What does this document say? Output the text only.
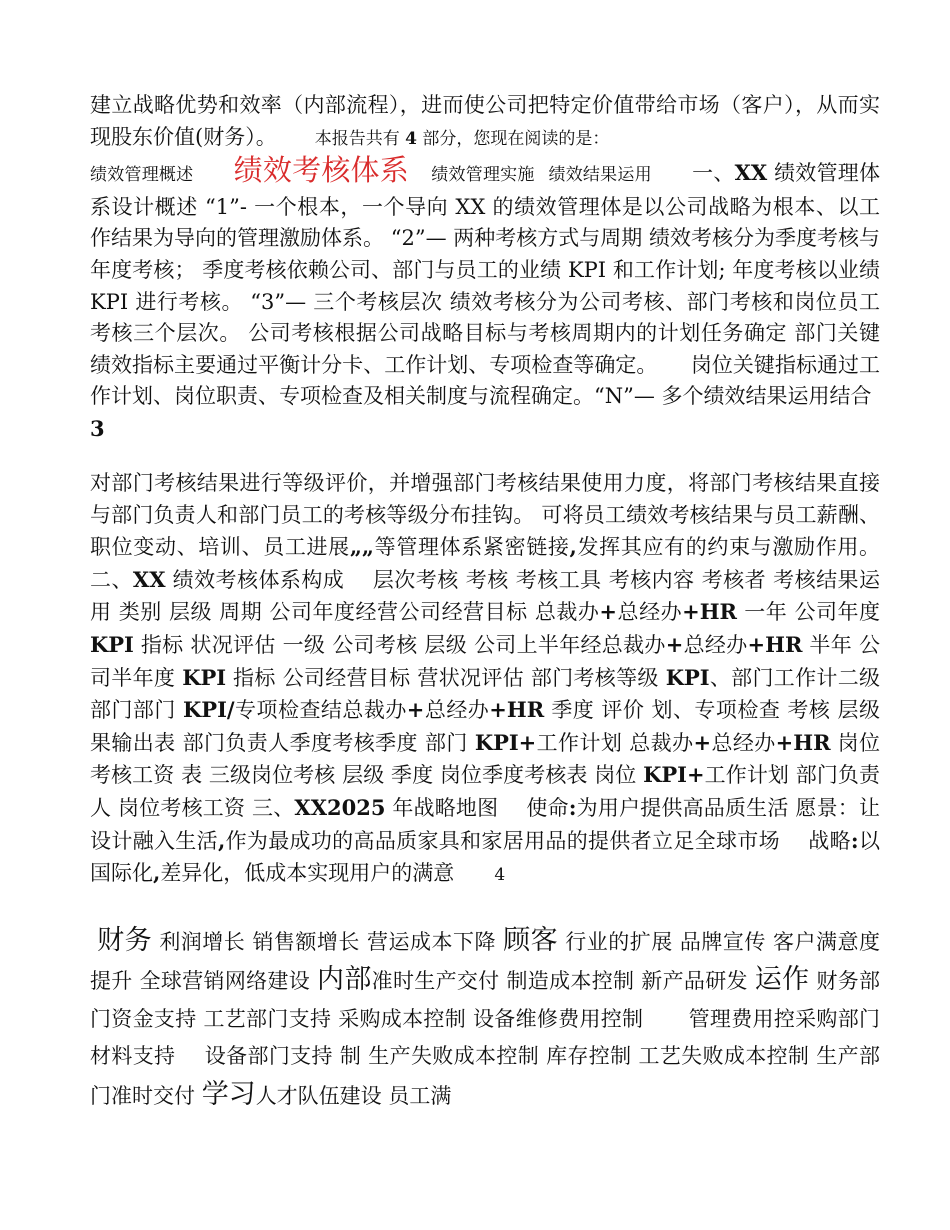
建立战略优势和效率（内部流程），进而使公司把特定价值带给市场（客户），从而实现股东价值(财务）。 本报告共有 4 部分，您现在阅读的是：
绩效管理概述 绩效考核体系 绩效管理实施 绩效结果运用 一、XX 绩效管理体系设计概述 “1”- 一个根本，一个导向 XX 的绩效管理体是以公司战略为根本、以工作结果为导向的管理激励体系。 “2”— 两种考核方式与周期 绩效考核分为季度考核与年度考核； 季度考核依赖公司、部门与员工的业绩 KPI 和工作计划; 年度考核以业绩 KPI 进行考核。 “3”— 三个考核层次 绩效考核分为公司考核、部门考核和岗位员工考核三个层次。 公司考核根据公司战略目标与考核周期内的计划任务确定 部门关键绩效指标主要通过平衡计分卡、工作计划、专项检查等确定。 岗位关键指标通过工作计划、岗位职责、专项检查及相关制度与流程确定。“N”— 多个绩效结果运用结合
3
对部门考核结果进行等级评价，并增强部门考核结果使用力度，将部门考核结果直接与部门负责人和部门员工的考核等级分布挂钩。 可将员工绩效考核结果与员工薪酬、职位变动、培训、员工进展„„等管理体系紧密链接,发挥其应有的约束与激励作用。 二、XX 绩效考核体系构成 　层次考核 考核 考核工具 考核内容 考核者 考核结果运用 类别 层级 周期 公司年度经营公司经营目标 总裁办+总经办+HR 一年 公司年度 KPI 指标 状况评估 一级 公司考核 层级 公司上半年经总裁办+总经办+HR 半年 公司半年度 KPI 指标 公司经营目标 营状况评估 部门考核等级 KPI、部门工作计二级 部门部门 KPI/专项检查结总裁办+总经办+HR 季度 评价 划、专项检查 考核 层级 果输出表 部门负责人季度考核季度 部门 KPI+工作计划 总裁办+总经办+HR 岗位考核工资 表 三级岗位考核 层级 季度 岗位季度考核表 岗位 KPI+工作计划 部门负责人 岗位考核工资 三、XX2025 年战略地图 　使命:为用户提供高品质生活 愿景：让设计融入生活,作为最成功的高品质家具和家居用品的提供者立足全球市场 　战略:以国际化,差异化，低成本实现用户的满意 4
财务 利润增长 销售额增长 营运成本下降 顾客 行业的扩展 品牌宣传 客户满意度提升 全球营销网络建设 内部准时生产交付 制造成本控制 新产品研发 运作 财务部门资金支持 工艺部门支持 采购成本控制 设备维修费用控制 管理费用控采购部门材料支持 设备部门支持 制 生产失败成本控制 库存控制 工艺失败成本控制 生产部门准时交付 学习人才队伍建设 员工满
